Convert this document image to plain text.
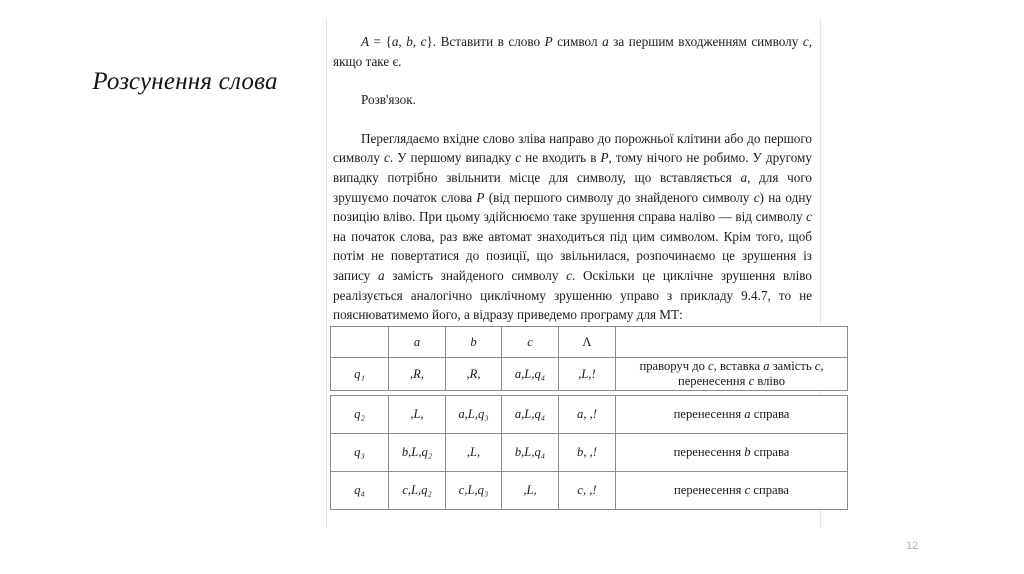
Розсунення слова

A = {a, b, c}. Вставити в слово P символ a за першим входженням символу c, якщо таке є.

Розв'язок.

Переглядаємо вхідне слово зліва направо до порожньої клітини або до першого символу c. У першому випадку c не входить в P, тому нічого не робимо. У другому випадку потрібно звільнити місце для символу, що вставляється a, для чого зрушуємо початок слова P (від першого символу до знайденого символу c) на одну позицію вліво. При цьому здійснюємо таке зрушення справа наліво — від символу c на початок слова, раз вже автомат знаходиться під цим символом. Крім того, щоб потім не повертатися до позиції, що звільнилася, розпочинаємо це зрушення із запису a замість знайденого символу c. Оскільки це циклічне зрушення вліво реалізується аналогічно циклічному зрушенню управо з прикладу 9.4.7, то не пояснюватимемо його, а відразу приведемо програму для МТ:

	a	b	c	Λ	
q₁	,R,	,R,	a,L,q₄	,L,!	праворуч до c, вставка a замість c, перенесення c вліво
q₂	,L,	a,L,q₃	a,L,q₄	a, ,!	перенесення a справа
q₃	b,L,q₂	,L,	b,L,q₄	b, ,!	перенесення b справа
q₄	c,L,q₂	c,L,q₃	,L,	c, ,!	перенесення c справа
12
